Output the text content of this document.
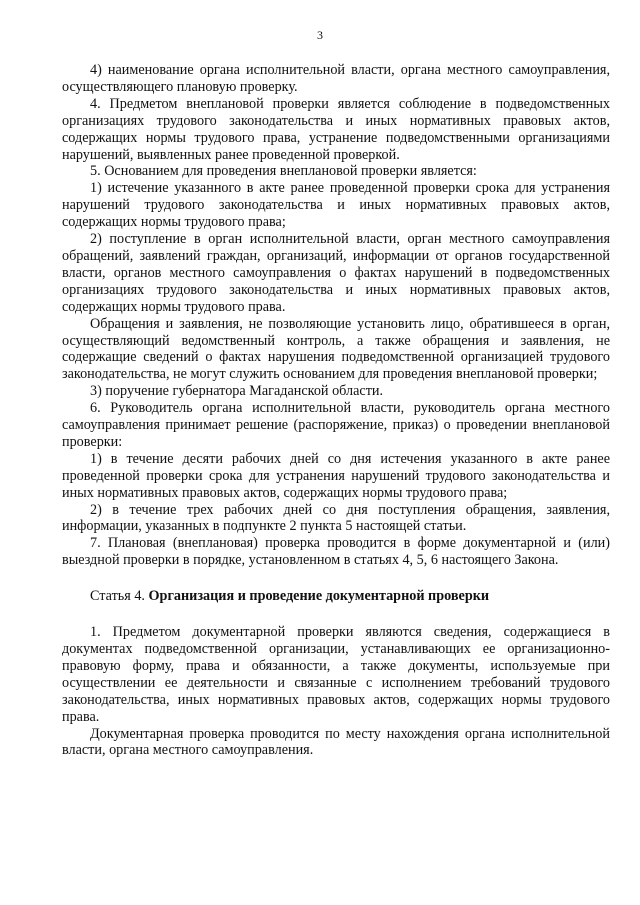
3

4) наименование органа исполнительной власти, органа местного самоуправления, осуществляющего плановую проверку.

4. Предметом внеплановой проверки является соблюдение в подведомственных организациях трудового законодательства и иных нормативных правовых актов, содержащих нормы трудового права, устранение подведомственными организациями нарушений, выявленных ранее проведенной проверкой.

5. Основанием для проведения внеплановой проверки является:

1) истечение указанного в акте ранее проведенной проверки срока для устранения нарушений трудового законодательства и иных нормативных правовых актов, содержащих нормы трудового права;

2) поступление в орган исполнительной власти, орган местного самоуправления обращений, заявлений граждан, организаций, информации от органов государственной власти, органов местного самоуправления о фактах нарушений в подведомственных организациях трудового законодательства и иных нормативных правовых актов, содержащих нормы трудового права.

Обращения и заявления, не позволяющие установить лицо, обратившееся в орган, осуществляющий ведомственный контроль, а также обращения и заявления, не содержащие сведений о фактах нарушения подведомственной организацией трудового законодательства, не могут служить основанием для проведения внеплановой проверки;

3) поручение губернатора Магаданской области.

6. Руководитель органа исполнительной власти, руководитель органа местного самоуправления принимает решение (распоряжение, приказ) о проведении внеплановой проверки:

1) в течение десяти рабочих дней со дня истечения указанного в акте ранее проведенной проверки срока для устранения нарушений трудового законодательства и иных нормативных правовых актов, содержащих нормы трудового права;

2) в течение трех рабочих дней со дня поступления обращения, заявления, информации, указанных в подпункте 2 пункта 5 настоящей статьи.

7. Плановая (внеплановая) проверка проводится в форме документарной и (или) выездной проверки в порядке, установленном в статьях 4, 5, 6 настоящего Закона.

Статья 4. Организация и проведение документарной проверки

1. Предметом документарной проверки являются сведения, содержащиеся в документах подведомственной организации, устанавливающих ее организационно-правовую форму, права и обязанности, а также документы, используемые при осуществлении ее деятельности и связанные с исполнением требований трудового законодательства, иных нормативных правовых актов, содержащих нормы трудового права.

Документарная проверка проводится по месту нахождения органа исполнительной власти, органа местного самоуправления.
